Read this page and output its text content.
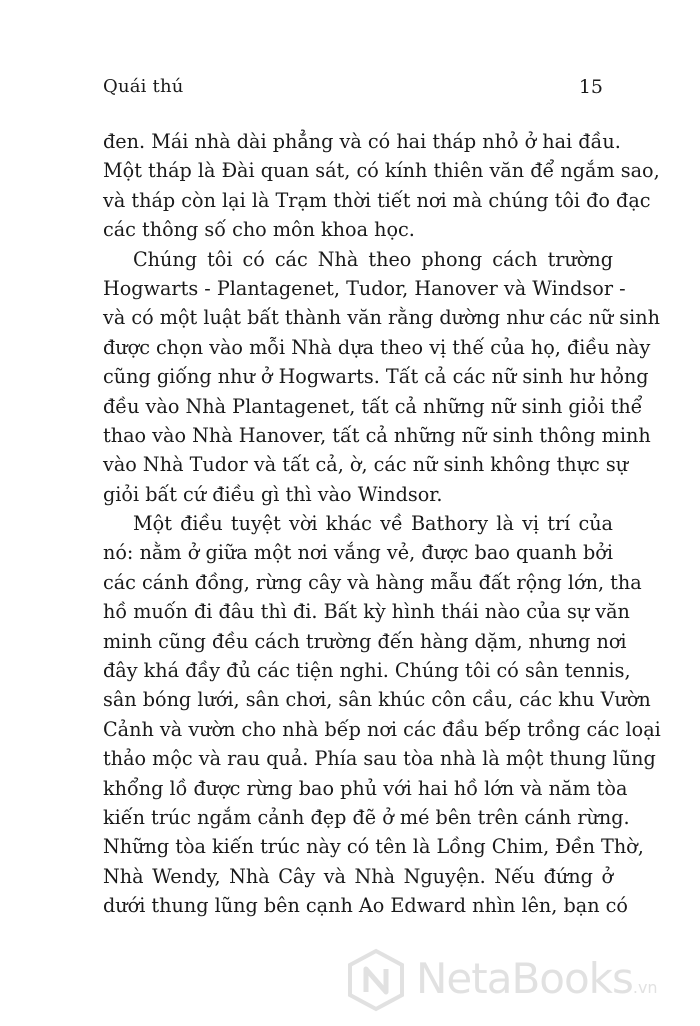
Quái thú	15
đen. Mái nhà dài phẳng và có hai tháp nhỏ ở hai đầu.
Một tháp là Đài quan sát, có kính thiên văn để ngắm sao,
và tháp còn lại là Trạm thời tiết nơi mà chúng tôi đo đạc
các thông số cho môn khoa học.
Chúng tôi có các Nhà theo phong cách trường
Hogwarts - Plantagenet, Tudor, Hanover và Windsor -
và có một luật bất thành văn rằng dường như các nữ sinh
được chọn vào mỗi Nhà dựa theo vị thế của họ, điều này
cũng giống như ở Hogwarts. Tất cả các nữ sinh hư hỏng
đều vào Nhà Plantagenet, tất cả những nữ sinh giỏi thể
thao vào Nhà Hanover, tất cả những nữ sinh thông minh
vào Nhà Tudor và tất cả, ờ, các nữ sinh không thực sự
giỏi bất cứ điều gì thì vào Windsor.
Một điều tuyệt vời khác về Bathory là vị trí của
nó: nằm ở giữa một nơi vắng vẻ, được bao quanh bởi
các cánh đồng, rừng cây và hàng mẫu đất rộng lớn, tha
hồ muốn đi đâu thì đi. Bất kỳ hình thái nào của sự văn
minh cũng đều cách trường đến hàng dặm, nhưng nơi
đây khá đầy đủ các tiện nghi. Chúng tôi có sân tennis,
sân bóng lưới, sân chơi, sân khúc côn cầu, các khu Vườn
Cảnh và vườn cho nhà bếp nơi các đầu bếp trồng các loại
thảo mộc và rau quả. Phía sau tòa nhà là một thung lũng
khổng lồ được rừng bao phủ với hai hồ lớn và năm tòa
kiến trúc ngắm cảnh đẹp đẽ ở mé bên trên cánh rừng.
Những tòa kiến trúc này có tên là Lồng Chim, Đền Thờ,
Nhà Wendy, Nhà Cây và Nhà Nguyện. Nếu đứng ở
dưới thung lũng bên cạnh Ao Edward nhìn lên, bạn có
NetaBooks.vn
